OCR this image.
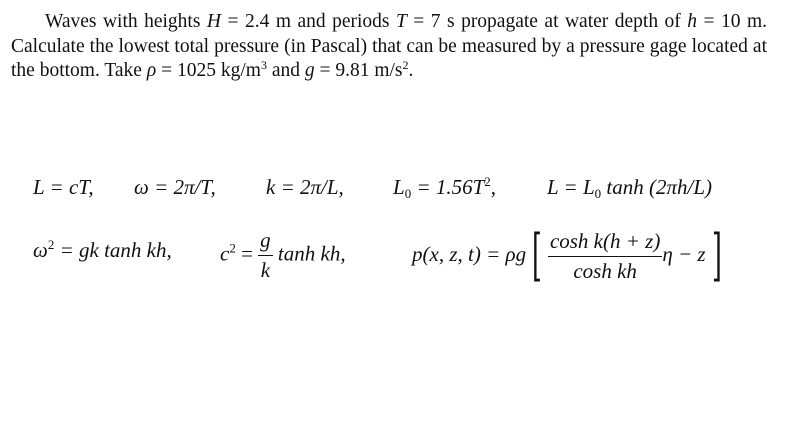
Waves with heights H = 2.4 m and periods T = 7 s propagate at water depth of h = 10 m. Calculate the lowest total pressure (in Pascal) that can be measured by a pressure gage located at the bottom. Take ρ = 1025 $kg/m^3$ and g = 9.81 $m/s^2$.
L = cT, ω = 2π/T, k = 2π/L, $L_0 = 1.56T^2$, $L = L_0$ tanh (2πh/L)
$\omega^2$ = gk tanh kh, $c^2 = \frac{g}{k}$ tanh kh,	p(x, z, t) = ρg [ $\frac{\text{cosh k(h + z)}}{\text{cosh kh}}$ η − z ]
